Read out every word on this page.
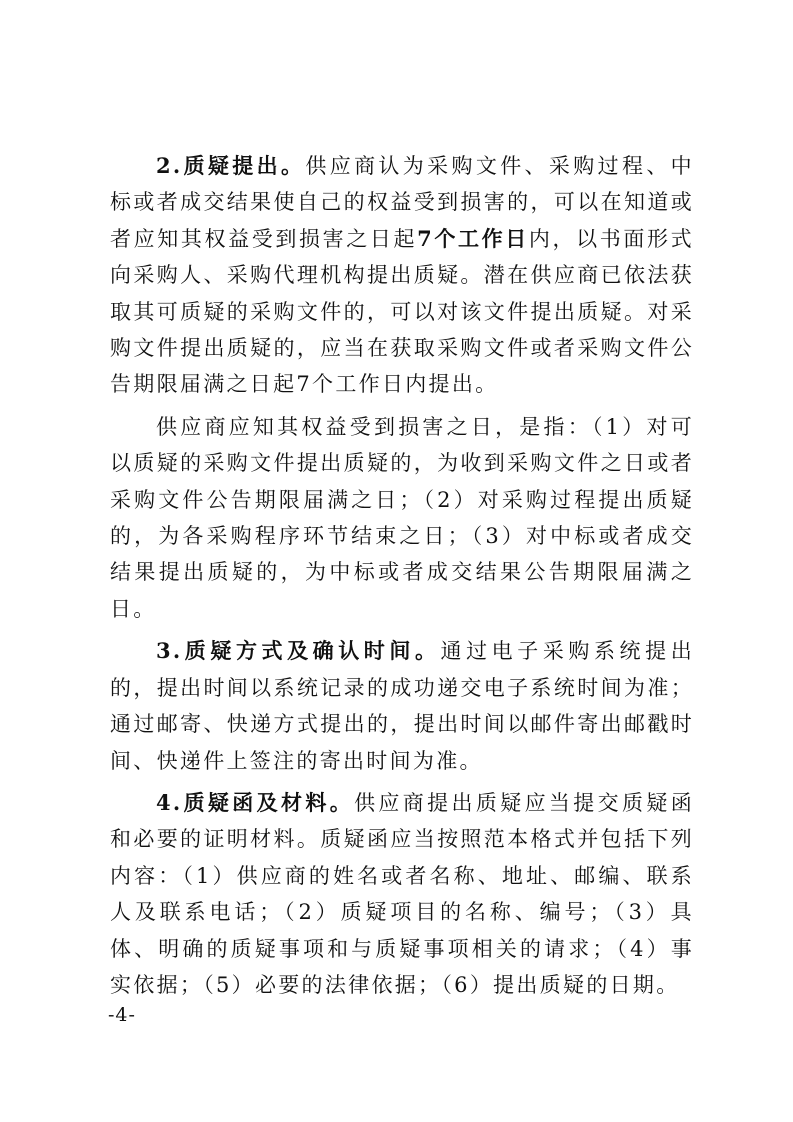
2.质疑提出。供应商认为采购文件、采购过程、中标或者成交结果使自己的权益受到损害的，可以在知道或者应知其权益受到损害之日起7个工作日内，以书面形式向采购人、采购代理机构提出质疑。潜在供应商已依法获取其可质疑的采购文件的，可以对该文件提出质疑。对采购文件提出质疑的，应当在获取采购文件或者采购文件公告期限届满之日起7个工作日内提出。

供应商应知其权益受到损害之日，是指：（1）对可以质疑的采购文件提出质疑的，为收到采购文件之日或者采购文件公告期限届满之日；（2）对采购过程提出质疑的，为各采购程序环节结束之日；（3）对中标或者成交结果提出质疑的，为中标或者成交结果公告期限届满之日。

3.质疑方式及确认时间。通过电子采购系统提出的，提出时间以系统记录的成功递交电子系统时间为准；通过邮寄、快递方式提出的，提出时间以邮件寄出邮戳时间、快递件上签注的寄出时间为准。

4.质疑函及材料。供应商提出质疑应当提交质疑函和必要的证明材料。质疑函应当按照范本格式并包括下列内容：（1）供应商的姓名或者名称、地址、邮编、联系人及联系电话；（2）质疑项目的名称、编号；（3）具体、明确的质疑事项和与质疑事项相关的请求；（4）事实依据；（5）必要的法律依据；（6）提出质疑的日期。

-4-
